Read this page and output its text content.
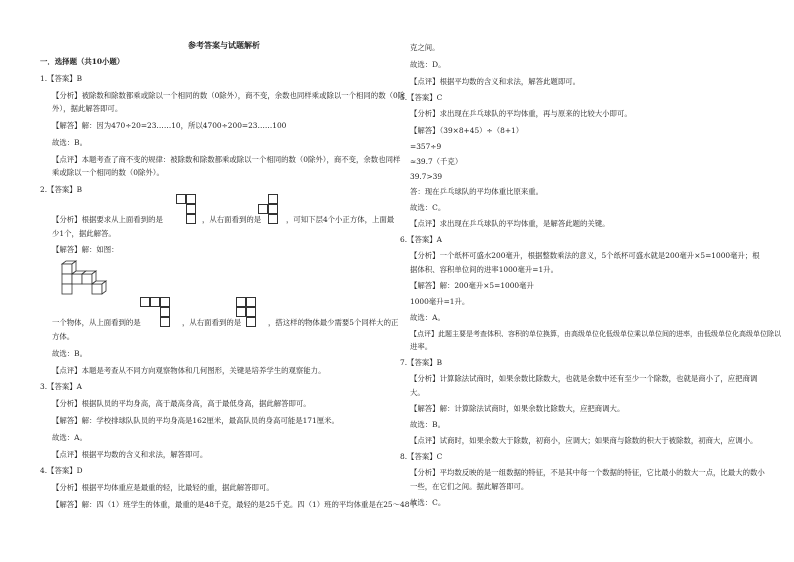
参考答案与试题解析
一．选择题（共10小题）
1.【答案】B
【分析】被除数和除数都乘或除以一个相同的数（0除外），商不变，余数也同样乘或除以一个相同的数（0除
外），据此解答即可。
【解答】解：因为470÷20=23……10，所以4700÷200=23……100
故选：B。
【点评】本题考查了商不变的规律：被除数和除数都乘或除以一个相同的数（0除外），商不变，余数也同样
乘或除以一个相同的数（0除外）。
2.【答案】B
【分析】根据要求从上面看到的是	，从右面看到的是	，可知下层4个小正方体，上面最
少1个，据此解答。
【解答】解：如图：
一个物体，从上面看到的是	，从右面看到的是	，搭这样的物体最少需要5个同样大的正
方体。
故选：B。
【点评】本题是考查从不同方向观察物体和几何图形，关键是培养学生的观察能力。
3.【答案】A
【分析】根据队员的平均身高，高于最高身高，高于最低身高，据此解答即可。
【解答】解：学校排球队队员的平均身高是162厘米，最高队员的身高可能是171厘米。
故选：A。
【点评】根据平均数的含义和求法，解答即可。
4.【答案】D
【分析】根据平均体重应是最重的轻，比最轻的重，据此解答即可。
【解答】解：四（1）班学生的体重，最重的是48千克，最轻的是25千克。四（1）班的平均体重是在25～48千
克之间。
故选：D。
【点评】根据平均数的含义和求法，解答此题即可。
5.【答案】C
【分析】求出现在乒乓球队的平均体重，再与原来的比较大小即可。
【解答】（39×8+45）÷（8+1）
=357÷9
≈39.7（千克）
39.7>39
答：现在乒乓球队的平均体重比原来重。
故选：C。
【点评】求出现在乒乓球队的平均体重，是解答此题的关键。
6.【答案】A
【分析】一个纸杯可盛水200毫升，根据整数乘法的意义，5个纸杯可盛水就是200毫升×5=1000毫升；根
据体积、容积单位间的进率1000毫升=1升。
【解答】解：200毫升×5=1000毫升
1000毫升=1升。
故选：A。
【点评】此题主要是考查体积、容积的单位换算，由高级单位化低级单位乘以单位间的进率，由低级单位化高级单位除以
进率。
7.【答案】B
【分析】计算除法试商时，如果余数比除数大，也就是余数中还有至少一个除数，也就是商小了，应把商调
大。
【解答】解：计算除法试商时，如果余数比除数大，应把商调大。
故选：B。
【点评】试商时，如果余数大于除数，初商小，应调大；如果商与除数的积大于被除数，初商大，应调小。
8.【答案】C
【分析】平均数反映的是一组数据的特征，不是其中每一个数据的特征，它比最小的数大一点，比最大的数小
一些，在它们之间。据此解答即可。
故选：C。
